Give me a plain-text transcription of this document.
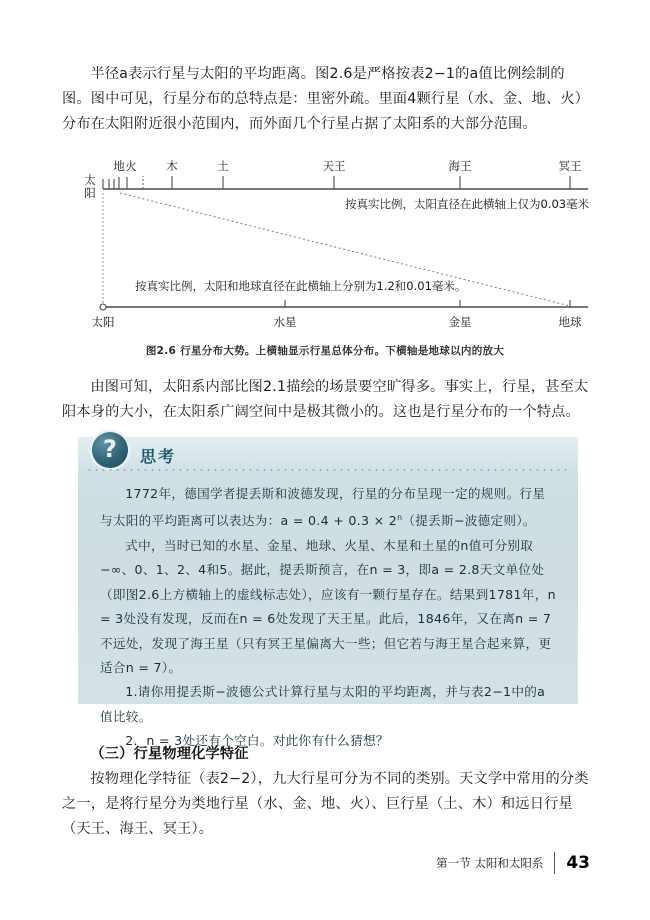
半径a表示行星与太阳的平均距离。图2.6是严格按表2−1的a值比例绘制的图。图中可见，行星分布的总特点是：里密外疏。里面4颗行星（水、金、地、火）分布在太阳附近很小范围内，而外面几个行星占据了太阳系的大部分范围。

地 火	木	土	天王	海王	冥王
太
阳
按真实比例，太阳直径在此横轴上仅为0.03毫米
太阳	水星	金星	地球
按真实比例，太阳和地球直径在此横轴上分别为1.2和0.01毫米。
图2.6 行星分布大势。上横轴显示行星总体分布。下横轴是地球以内的放大

由图可知，太阳系内部比图2.1描绘的场景要空旷得多。事实上，行星，甚至太阳本身的大小，在太阳系广阔空间中是极其微小的。这也是行星分布的一个特点。

? 思考

1772年，德国学者提丢斯和波德发现，行星的分布呈现一定的规则。行星与太阳的平均距离可以表达为：$a = 0.4 + 0.3 \times 2^n$（提丢斯−波德定则）。

式中，当时已知的水星、金星、地球、火星、木星和土星的n值可分别取−∞、0、1、2、4和5。据此，提丢斯预言，在n = 3，即a = 2.8天文单位处（即图2.6上方横轴上的虚线标志处），应该有一颗行星存在。结果到1781年，n = 3处没有发现，反而在n = 6处发现了天王星。此后，1846年，又在离n = 7不远处，发现了海王星（只有冥王星偏离大一些；但它若与海王星合起来算，更适合n = 7）。

1.请你用提丢斯−波德公式计算行星与太阳的平均距离，并与表2−1中的a值比较。

2．n = 3处还有个空白。对此你有什么猜想？

（三）行星物理化学特征

按物理化学特征（表2−2），九大行星可分为不同的类别。天文学中常用的分类之一，是将行星分为类地行星（水、金、地、火）、巨行星（土、木）和远日行星（天王、海王、冥王）。

第一节 太阳和太阳系 43
